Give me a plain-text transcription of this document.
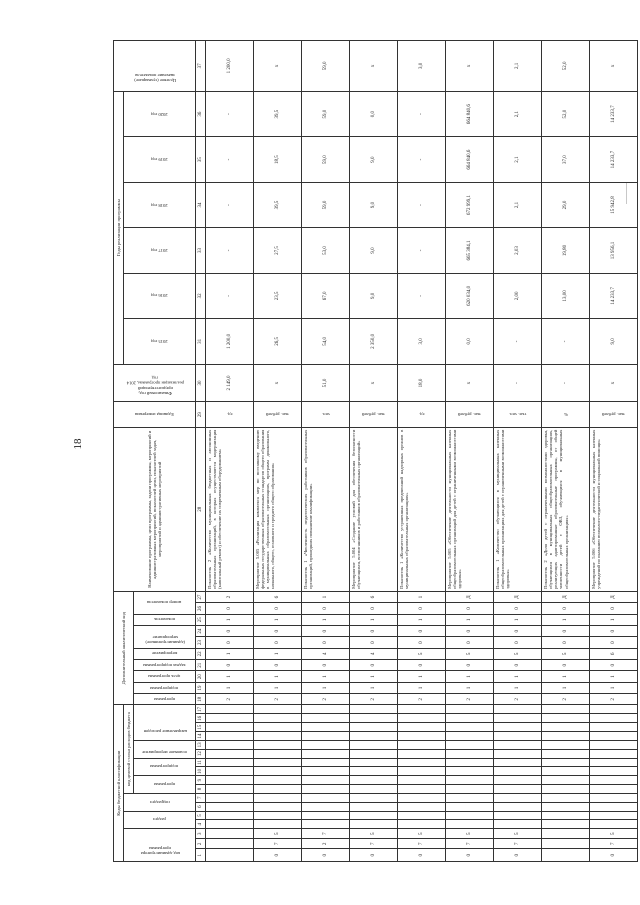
18
Коды бюджетной классификации																	Дополнительный аналитический код										Наименование программы, цели программы, задачи программы, мероприятий и административных мероприятий, показателей цели, показателей задач, мероприятий и административных мероприятий	Единица измерения	Финансовый год, предшествующий реализации программы, 2014 год	Годы реализации программы						Целевое (суммарное) значение показателя

код администратора программы			раздел		подраздел		код целевой статьи расходов бюджета																							2015 год	2016 год	2017 год	2018 год	2019 год	2020 год	

							программа		подпрограмма		основное мероприятие		направление расходов				программа	подпрограмма	цель программы	задача подпрограммы	мероприятие	(административное) мероприятие		показатель	номер показателя											

1	2	3	4	5	6	7	8	9	10	11	12	13	14	15	16	17	18	19	20	21	22	23	24	25	26	27	28	29	30	31	32	33	34	35	36	37
																	2	1	1	0	1	0	0	1	0	2	Показатель 2 «Количество муниципальных бюджетных и автономных образовательных организаций, в которых осуществляется модернизация (капитальный ремонт) и обеспечение их современным оборудованием»	ед.	2 149,0	1 200,0	-	-	-	-	-	1 200,0
0	7	5															2	1	1	0	1	0	0	1	0	6	Мероприятие 5.005 «Реализация комплекса мер по поэтапному введению федеральных государственных образовательных стандартов общего образования в муниципальных образовательных организациях, программ дошкольного, начального, общего, основного и среднего общего образования»	тыс. рублей	х	26,5	23,5	27,5	39,5	18,5	39,5	х
0	2	7															2	1	1	0	4	0	0	1	0	1	Показатель 1 «Численность педагогических работников образовательных организаций, прошедших повышение квалификации»	чел.	51,0	54,0	67,0	53,0	59,0	59,0	59,0	59,0
0	7	5															2	1	1	0	4	0	0	1	0	6	Мероприятие 5.004 «Создание условий для обеспечения безопасности обучающихся, воспитанников и работников образовательных организаций»	тыс. рублей	х	2 350,0	9,0	9,0	9,0	9,0	0,0	х
0	7	5															2	1	1	0	5	0	0	1	0	1	Показатель 1 «Количество устраненных предписаний надзорных органов в муниципальных образовательных организациях»	ед.	18,0	3,0	-	-	-	-	-	3,0
0	7	5															2	1	1	0	5	0	0	1	0	Д	Мероприятие 5.005 «Обеспечение деятельности муниципальных казенных общеобразовательных организаций для детей с ограниченными возможностями здоровья»	тыс. рублей	х	0,0	620 034,0	665 384,1	672 999,1	664 840,6	664 840,6	х
0	7	5															2	1	1	0	5	0	0	1	0	Д	Показатель 1 «Количество обучающихся в муниципальных казенных общеобразовательных организациях для детей с ограниченными возможностями здоровья»	тыс. чел.	-	-	2,00	2,03	2,1	2,1	2,1	2,1
																	2	1	1	0	5	0	0	1	0	Д	Показатель 2 «Доля детей с ограниченными возможностями здоровья, обучающихся в муниципальных общеобразовательных организациях, реализующих адаптированные образовательные программы, от общей численности детей с ОВЗ, обучающихся в муниципальных общеобразовательных организациях»	%	-	-	13,00	19,80	29,0	37,0	52,0	52,0
0	7	5															2	1	1	0	6	0	0	1	0	Д	Мероприятие 5.006 «Обеспечение деятельности муниципальных казенных учреждений по оказанию психолого-педагогической и социальной помощи»	тыс. рублей	х	9,0	14 233,7	13 956,1	15 942,8	14 233,7	14 233,7	х
